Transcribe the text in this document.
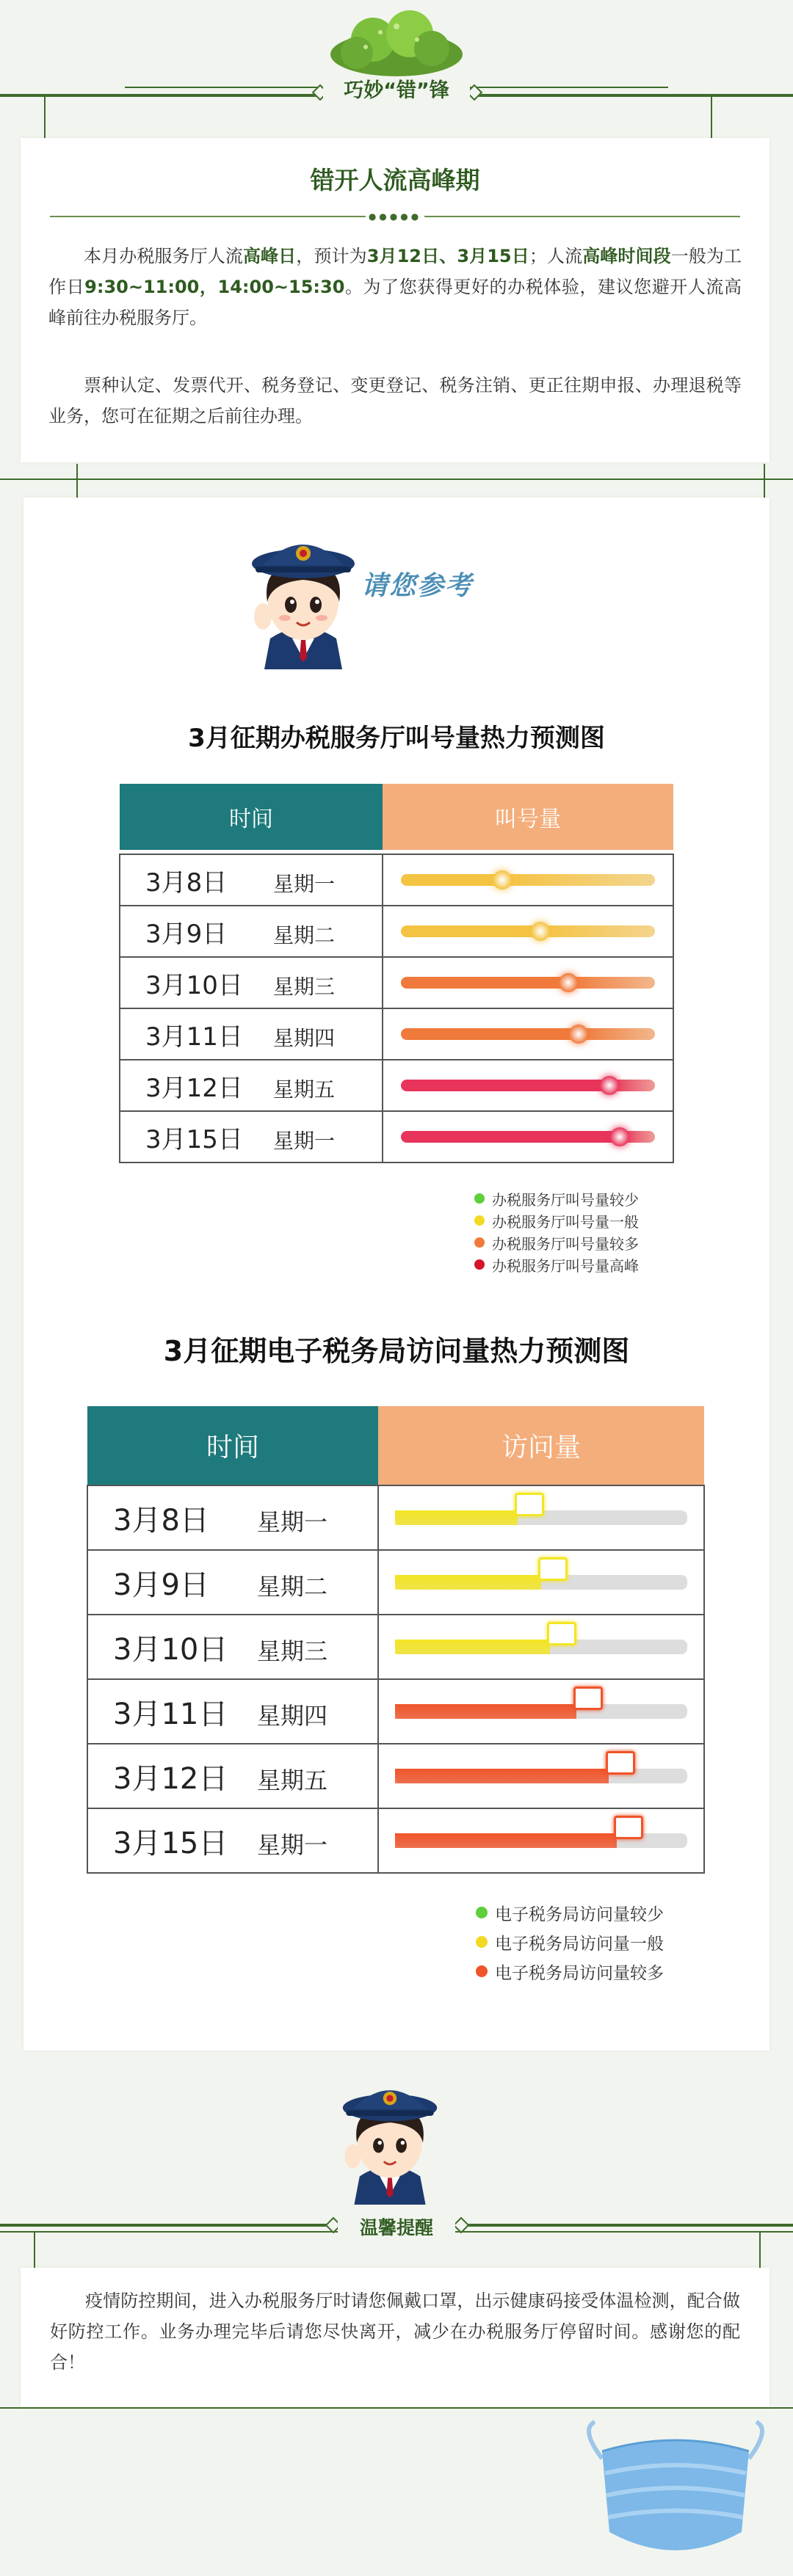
巧妙“错”锋
错开人流高峰期
●●●●●
本月办税服务厅人流高峰日，预计为3月12日、3月15日；人流高峰时间段一般为工作日9:30~11:00，14:00~15:30。为了您获得更好的办税体验，建议您避开人流高峰前往办税服务厅。
票种认定、发票代开、税务登记、变更登记、税务注销、更正往期申报、办理退税等业务，您可在征期之后前往办理。
请您参考
3月征期办税服务厅叫号量热力预测图
时间	叫号量

3月8日 星期一	

3月9日 星期二	

3月10日 星期三	

3月11日 星期四	

3月12日 星期五	

3月15日 星期一	
办税服务厅叫号量较少
办税服务厅叫号量一般
办税服务厅叫号量较多
办税服务厅叫号量高峰
3月征期电子税务局访问量热力预测图
时间	访问量
3月8日 星期一	

3月9日 星期二	

3月10日 星期三	

3月11日 星期四	

3月12日 星期五	

3月15日 星期一	
电子税务局访问量较少
电子税务局访问量一般
电子税务局访问量较多
温馨提醒
疫情防控期间，进入办税服务厅时请您佩戴口罩，出示健康码接受体温检测，配合做好防控工作。业务办理完毕后请您尽快离开，减少在办税服务厅停留时间。感谢您的配合！
